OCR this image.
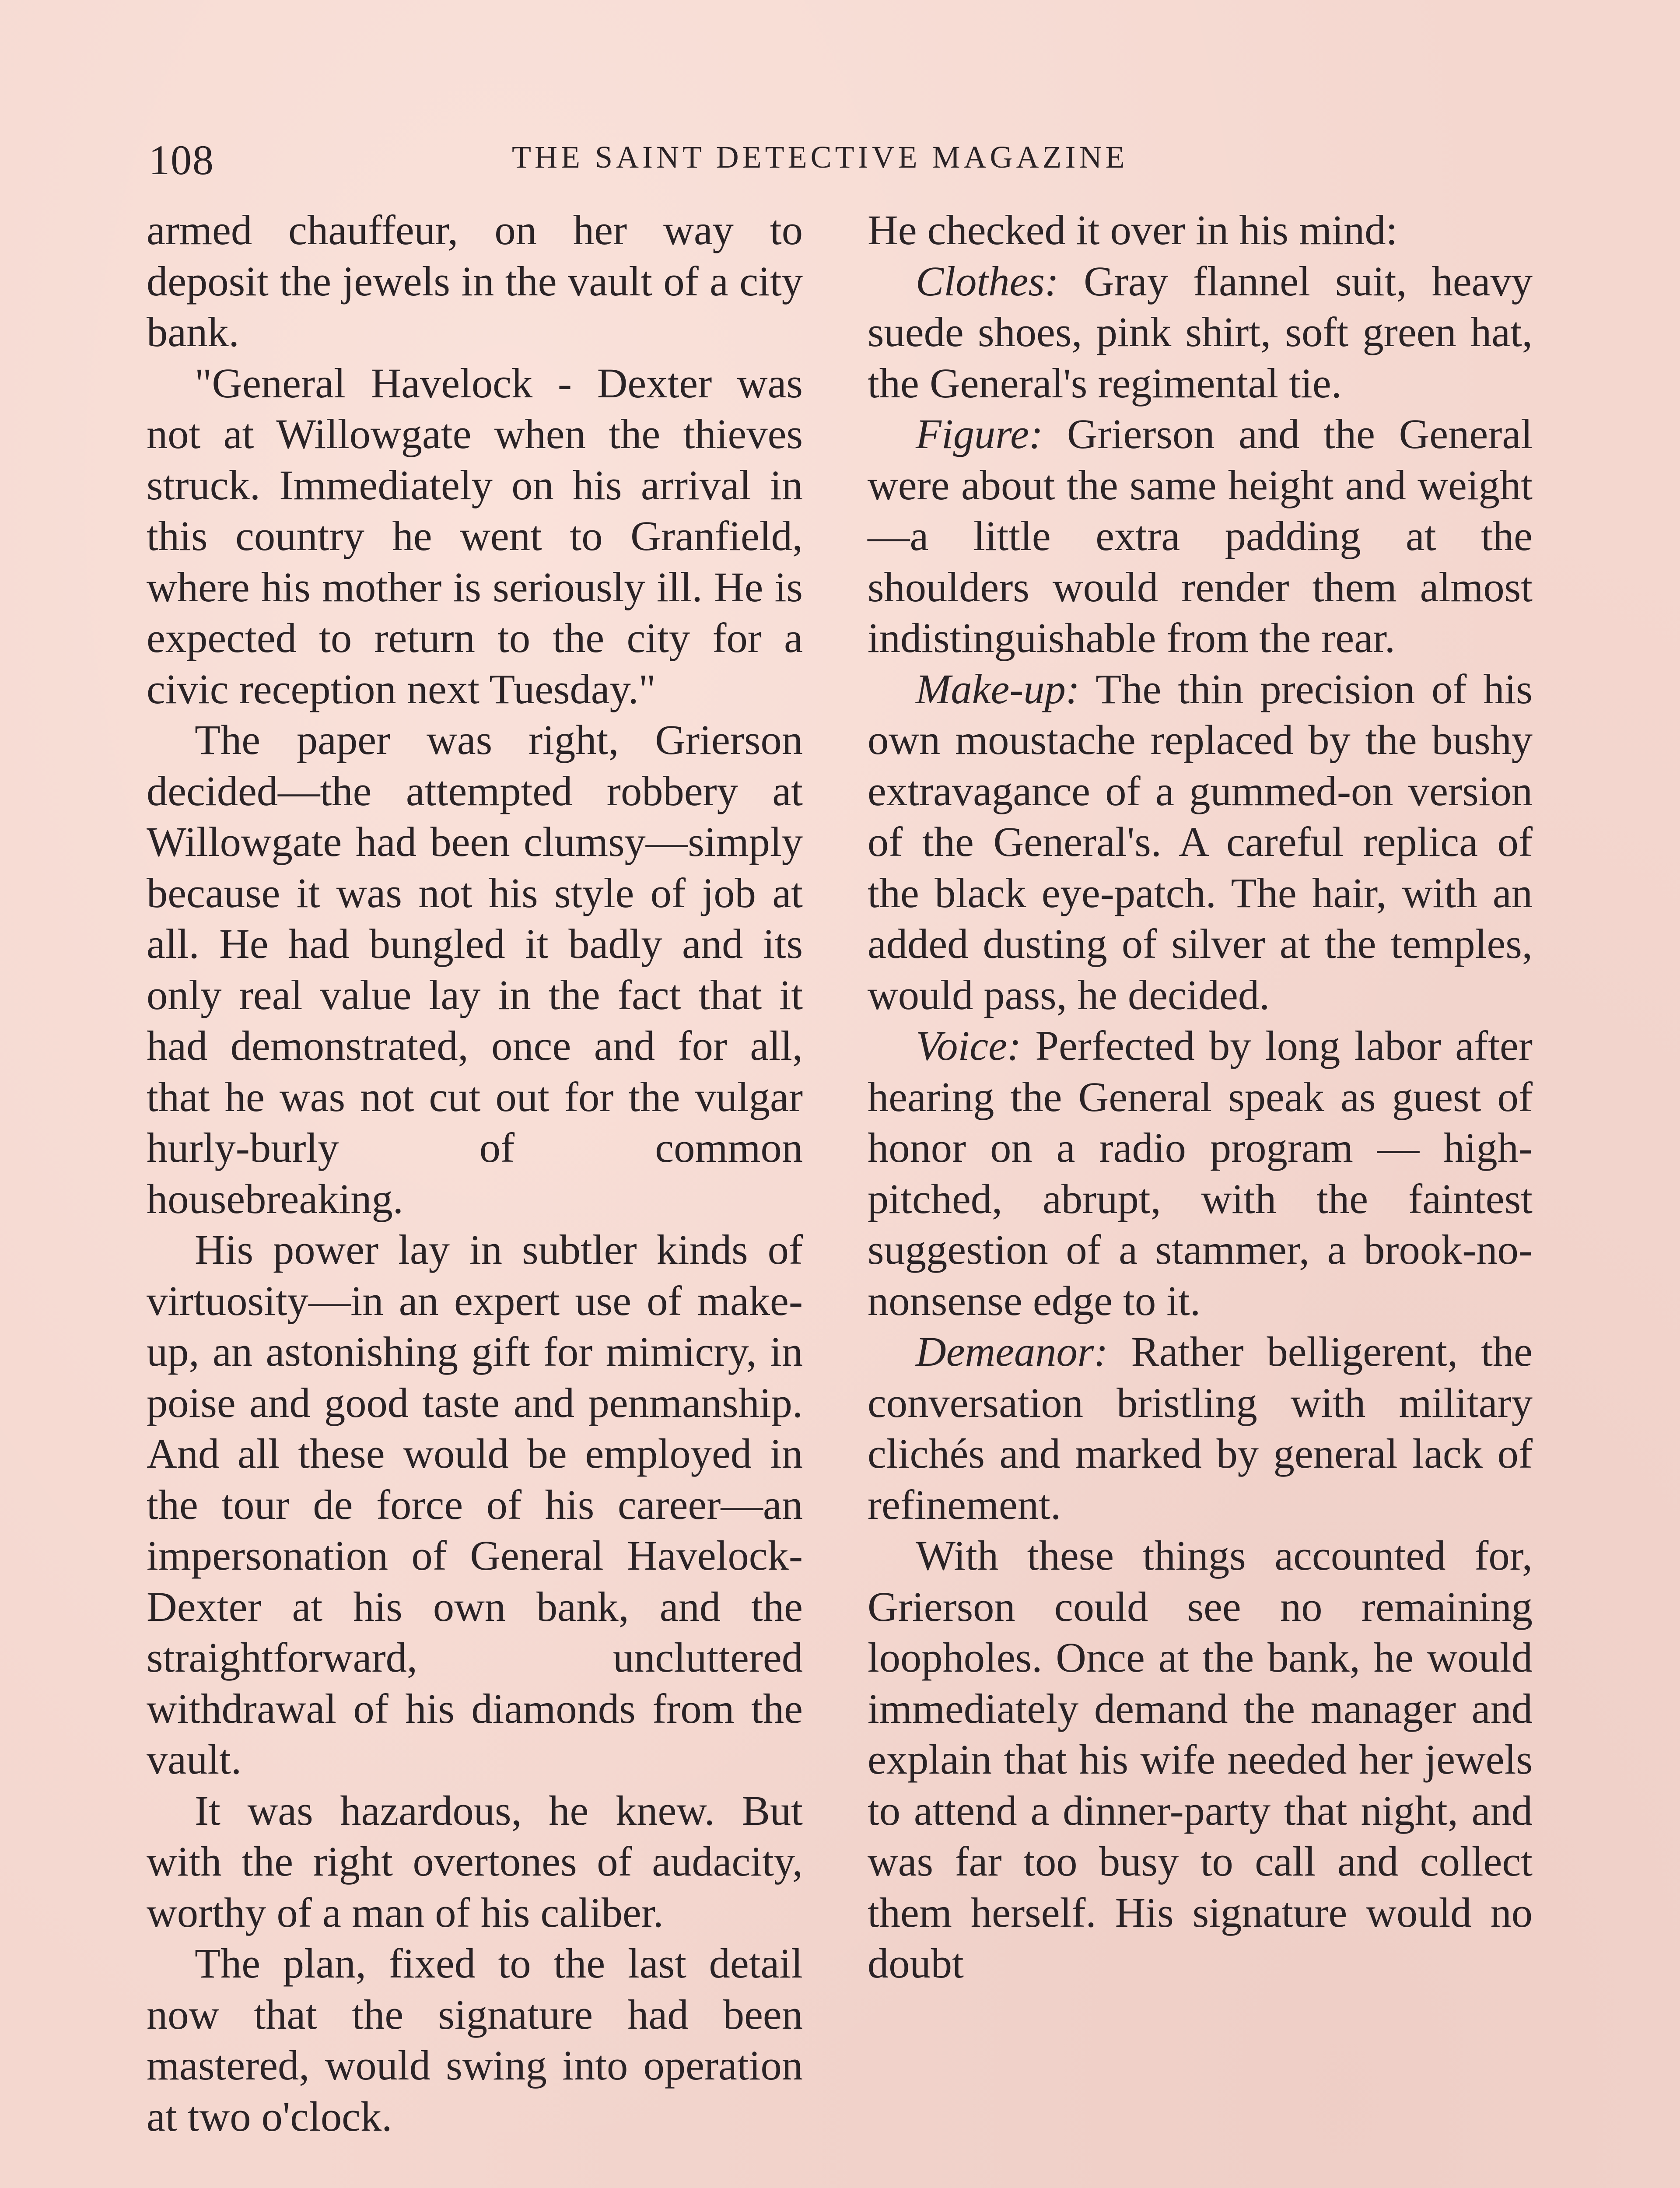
108	THE SAINT DETECTIVE MAGAZINE

armed chauffeur, on her way to deposit the jewels in the vault of a city bank.

"General Havelock - Dexter was not at Willowgate when the thieves struck. Immediately on his arrival in this country he went to Granfield, where his mother is seriously ill. He is expected to return to the city for a civic reception next Tuesday."

The paper was right, Grierson decided—the attempted robbery at Willowgate had been clumsy—simply because it was not his style of job at all. He had bungled it badly and its only real value lay in the fact that it had demonstrated, once and for all, that he was not cut out for the vulgar hurly-burly of common housebreaking.

His power lay in subtler kinds of virtuosity—in an expert use of make-up, an astonishing gift for mimicry, in poise and good taste and penmanship. And all these would be employed in the tour de force of his career—an impersonation of General Havelock-Dexter at his own bank, and the straightforward, uncluttered withdrawal of his diamonds from the vault.

It was hazardous, he knew. But with the right overtones of audacity, worthy of a man of his caliber.

The plan, fixed to the last detail now that the signature had been mastered, would swing into operation at two o'clock.

He checked it over in his mind:

Clothes: Gray flannel suit, heavy suede shoes, pink shirt, soft green hat, the General's regimental tie.

Figure: Grierson and the General were about the same height and weight—a little extra padding at the shoulders would render them almost indistinguishable from the rear.

Make-up: The thin precision of his own moustache replaced by the bushy extravagance of a gummed-on version of the General's. A careful replica of the black eye-patch. The hair, with an added dusting of silver at the temples, would pass, he decided.

Voice: Perfected by long labor after hearing the General speak as guest of honor on a radio program — high-pitched, abrupt, with the faintest suggestion of a stammer, a brook-no-nonsense edge to it.

Demeanor: Rather belligerent, the conversation bristling with military clichés and marked by general lack of refinement.

With these things accounted for, Grierson could see no remaining loopholes. Once at the bank, he would immediately demand the manager and explain that his wife needed her jewels to attend a dinner-party that night, and was far too busy to call and collect them herself. His signature would no doubt
